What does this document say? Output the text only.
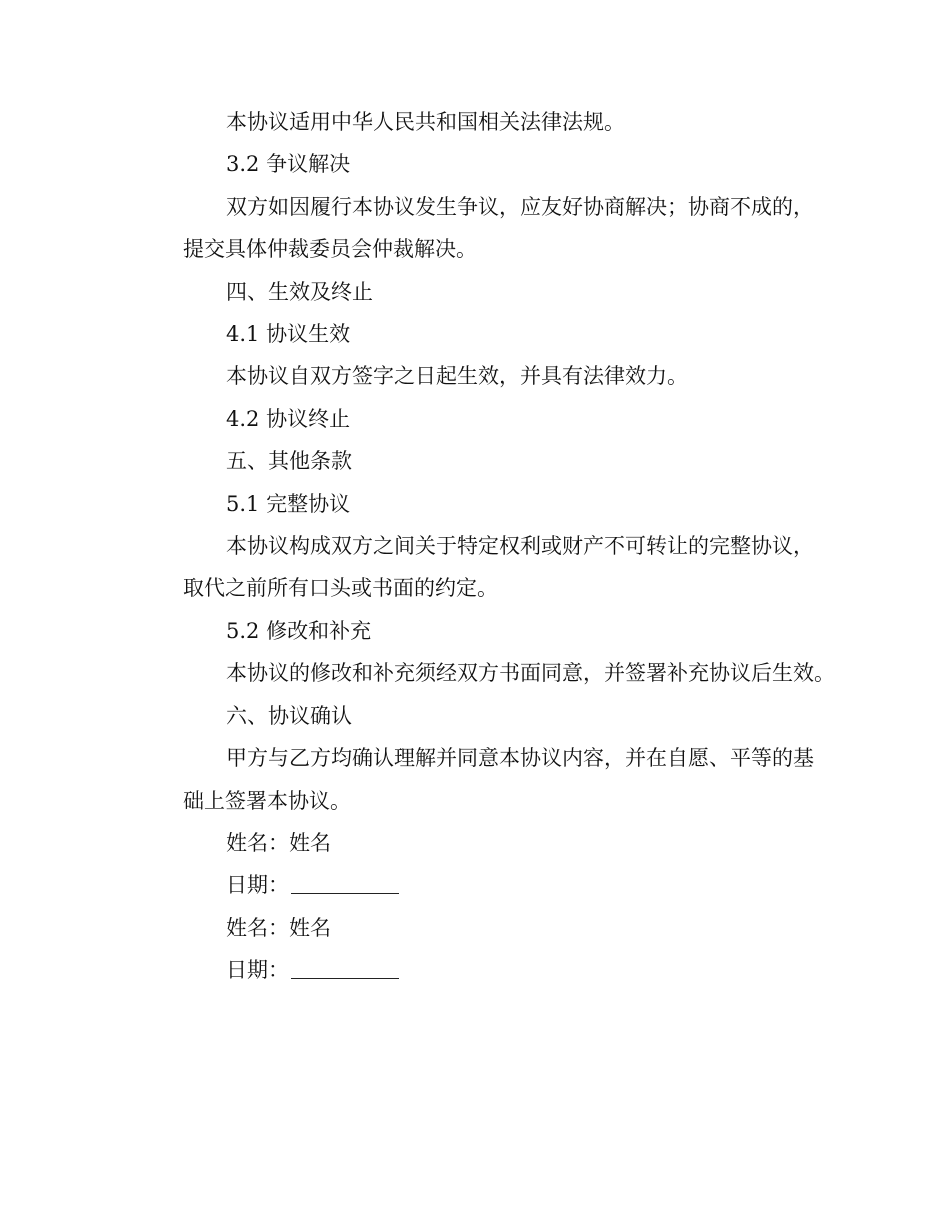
本协议适用中华人民共和国相关法律法规。
3.2 争议解决
双方如因履行本协议发生争议，应友好协商解决；协商不成的，
提交具体仲裁委员会仲裁解决。
四、生效及终止
4.1 协议生效
本协议自双方签字之日起生效，并具有法律效力。
4.2 协议终止
五、其他条款
5.1 完整协议
本协议构成双方之间关于特定权利或财产不可转让的完整协议，
取代之前所有口头或书面的约定。
5.2 修改和补充
本协议的修改和补充须经双方书面同意，并签署补充协议后生效。
六、协议确认
甲方与乙方均确认理解并同意本协议内容，并在自愿、平等的基
础上签署本协议。
姓名：姓名
日期：
姓名：姓名
日期：
